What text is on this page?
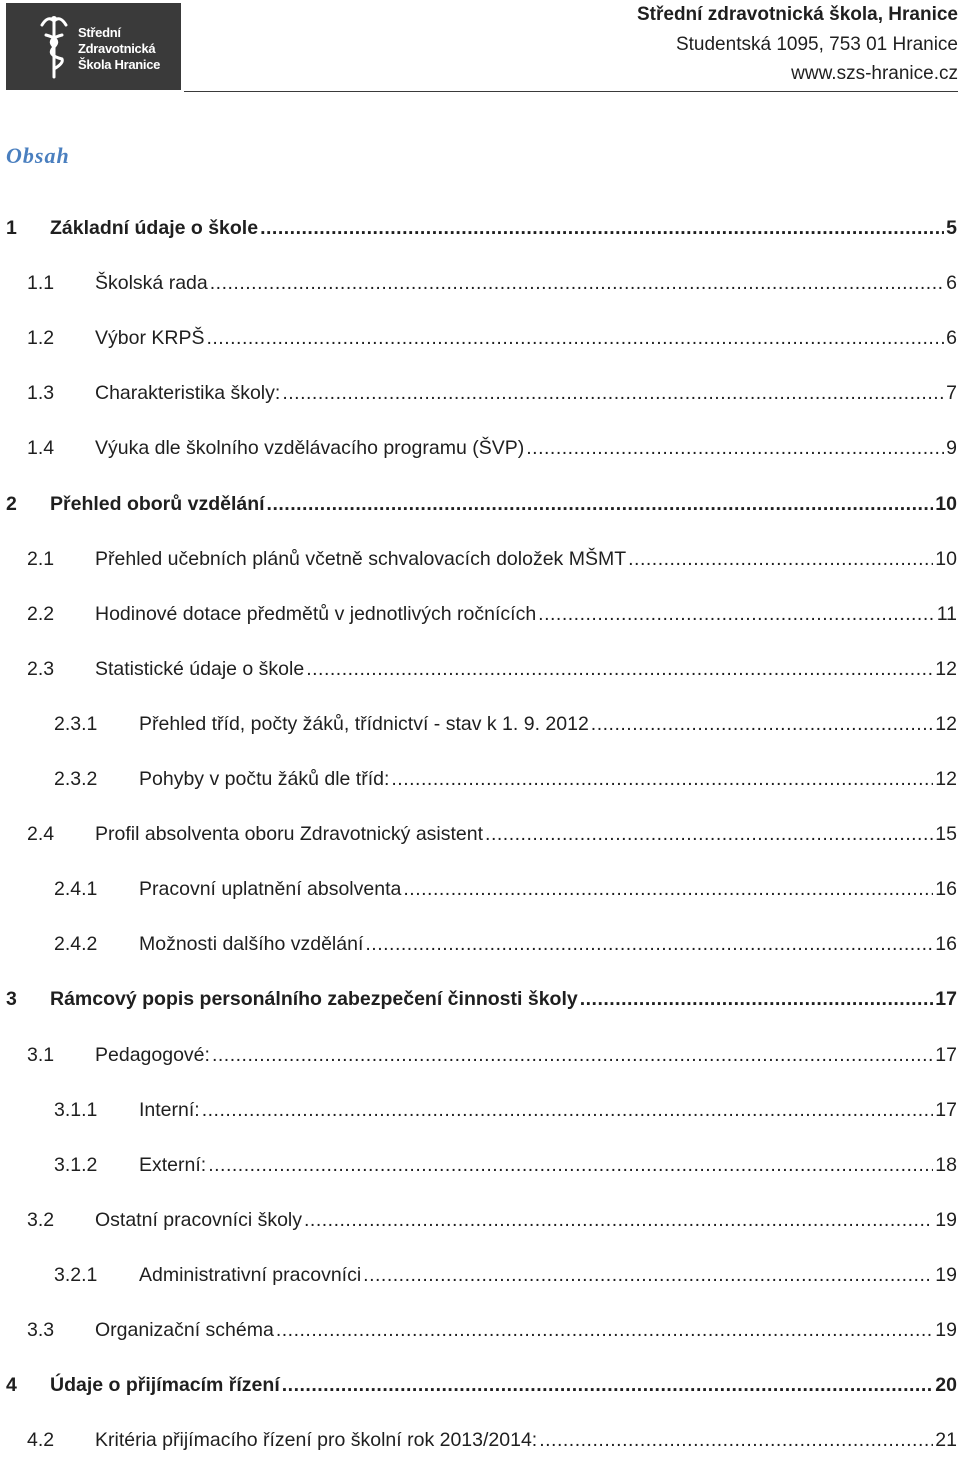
Střední
Zdravotnická
Škola Hranice
Střední zdravotnická škola, Hranice
Studentská 1095, 753 01 Hranice
www.szs-hranice.cz
Obsah
1 Základní údaje o škole .....	5
1.1 Školská rada .....	6
1.2 Výbor KRPŠ .....	6
1.3 Charakteristika školy: .....	7
1.4 Výuka dle školního vzdělávacího programu (ŠVP) .....	9
2 Přehled oborů vzdělání .....	10
2.1 Přehled učebních plánů včetně schvalovacích doložek MŠMT .....	10
2.2 Hodinové dotace předmětů v jednotlivých ročnících .....	11
2.3 Statistické údaje o škole .....	12
2.3.1 Přehled tříd, počty žáků, třídnictví - stav k 1. 9. 2012 .....	12
2.3.2 Pohyby v počtu žáků dle tříd: .....	12
2.4 Profil absolventa oboru Zdravotnický asistent .....	15
2.4.1 Pracovní uplatnění absolventa .....	16
2.4.2 Možnosti dalšího vzdělání .....	16
3 Rámcový popis personálního zabezpečení činnosti školy .....	17
3.1 Pedagogové: .....	17
3.1.1 Interní: .....	17
3.1.2 Externí: .....	18
3.2 Ostatní pracovníci školy .....	19
3.2.1 Administrativní pracovníci .....	19
3.3 Organizační schéma .....	19
4 Údaje o přijímacím řízení .....	20
4.2 Kritéria přijímacího řízení pro školní rok 2013/2014: .....	21
